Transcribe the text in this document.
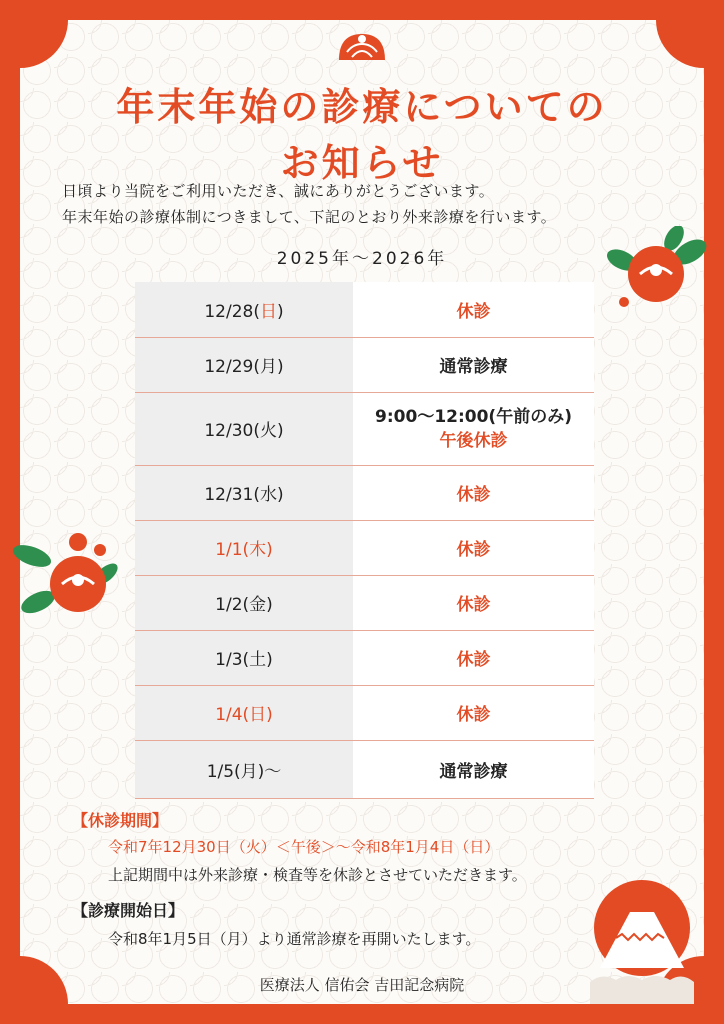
年末年始の診療についての
お知らせ
日頃より当院をご利用いただき、誠にありがとうございます。
年末年始の診療体制につきまして、下記のとおり外来診療を行います。
2025年～2026年
12/28(日)	休診
12/29(月)	通常診療
12/30(火)	9:00～12:00(午前のみ)
午後休診

12/31(水)	休診
1/1(木)	休診
1/2(金)	休診
1/3(土)	休診
1/4(日)	休診
1/5(月)～	通常診療
【休診期間】
令和7年12月30日（火）＜午後＞～令和8年1月4日（日）
上記期間中は外来診療・検査等を休診とさせていただきます。
【診療開始日】
令和8年1月5日（月）より通常診療を再開いたします。
医療法人 信佑会 吉田記念病院
